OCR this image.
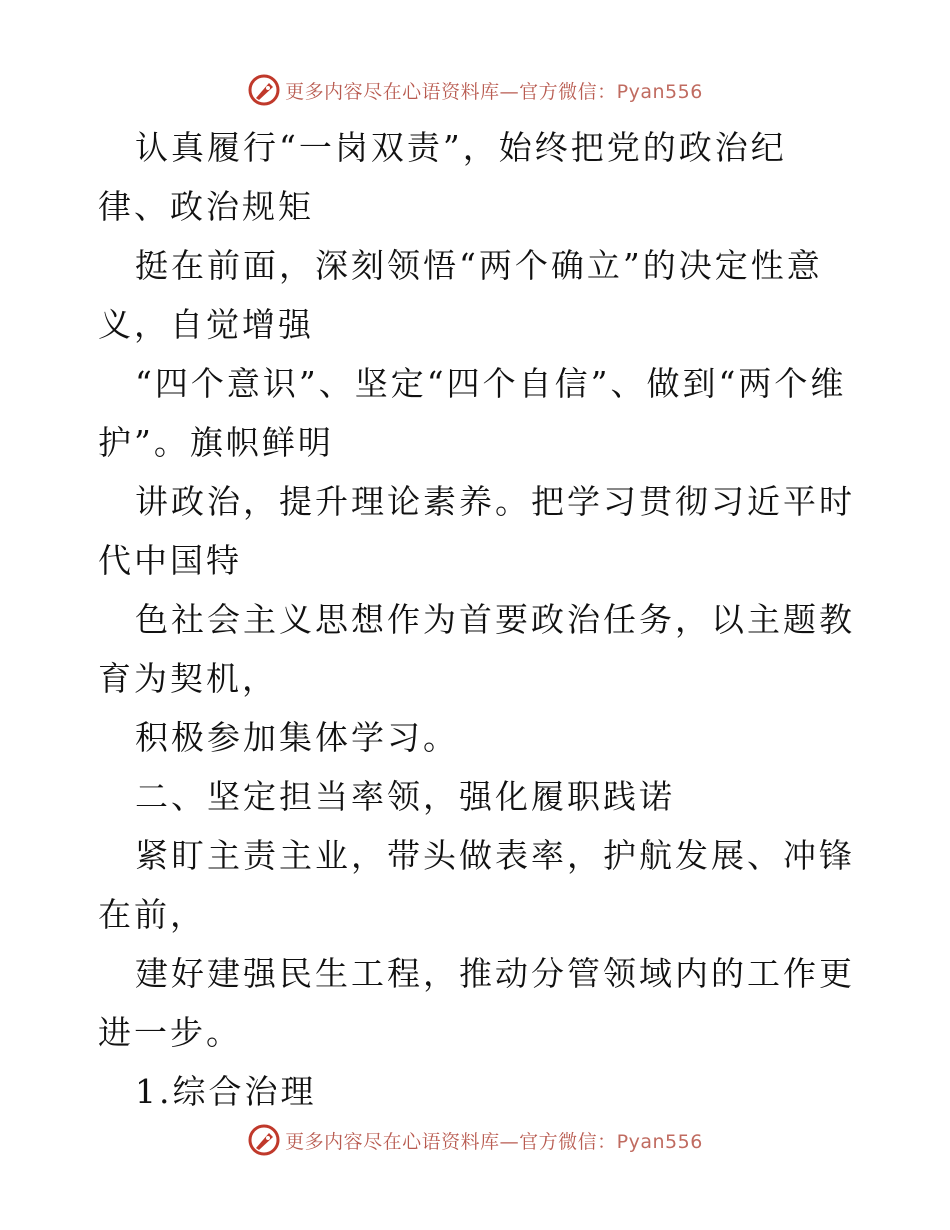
更多内容尽在心语资料库—官方微信：Pyan556

认真履行“一岗双责”，始终把党的政治纪律、政治规矩

挺在前面，深刻领悟“两个确立”的决定性意义，自觉增强

“四个意识”、坚定“四个自信”、做到“两个维护”。旗帜鲜明

讲政治，提升理论素养。把学习贯彻习近平时代中国特

色社会主义思想作为首要政治任务，以主题教育为契机，

积极参加集体学习。

二、坚定担当率领，强化履职践诺

紧盯主责主业，带头做表率，护航发展、冲锋在前，

建好建强民生工程，推动分管领域内的工作更进一步。

1.综合治理

更多内容尽在心语资料库—官方微信：Pyan556
